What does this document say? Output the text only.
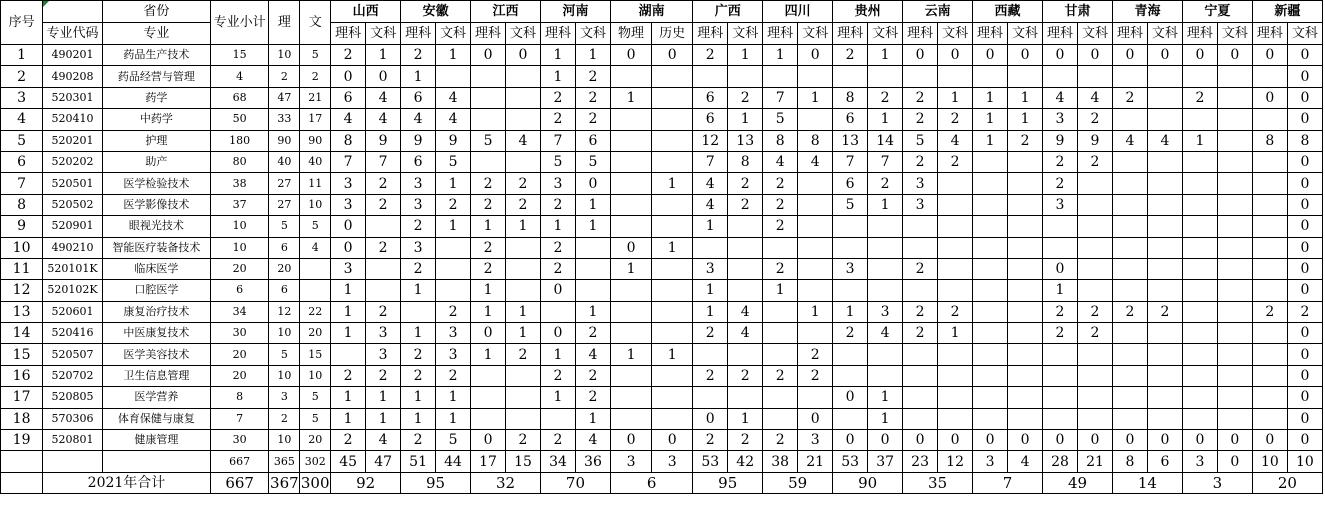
序号		省份	专业小计	理	文	山西		安徽		江西		河南		湖南		广西		四川		贵州		云南		西藏		甘肃		青海		宁夏		新疆	
	专业代码	专业				理科	文科	理科	文科	理科	文科	理科	文科	物理	历史	理科	文科	理科	文科	理科	文科	理科	文科	理科	文科	理科	文科	理科	文科	理科	文科	理科	文科
1	490201	药品生产技术	15	10	5	2	1	2	1	0	0	1	1	0	0	2	1	1	0	2	1	0	0	0	0	0	0	0	0	0	0	0	0
2	490208	药品经营与管理	4	2	2	0	0	1				1	2																				0
3	520301	药学	68	47	21	6	4	6	4			2	2	1		6	2	7	1	8	2	2	1	1	1	4	4	2		2		0	0
4	520410	中药学	50	33	17	4	4	4	4			2	2			6	1	5		6	1	2	2	1	1	3	2						0
5	520201	护理	180	90	90	8	9	9	9	5	4	7	6			12	13	8	8	13	14	5	4	1	2	9	9	4	4	1		8	8
6	520202	助产	80	40	40	7	7	6	5			5	5			7	8	4	4	7	7	2	2			2	2						0
7	520501	医学检验技术	38	27	11	3	2	3	1	2	2	3	0		1	4	2	2		6	2	3				2							0
8	520502	医学影像技术	37	27	10	3	2	3	2	2	2	2	1			4	2	2		5	1	3				3							0
9	520901	眼视光技术	10	5	5	0		2	1	1	1	1	1			1		2															0
10	490210	智能医疗装备技术	10	6	4	0	2	3		2		2		0	1																		0
11	520101K	临床医学	20	20		3		2		2		2		1		3		2		3		2				0							0
12	520102K	口腔医学	6	6		1		1		1		0				1		1								1							0
13	520601	康复治疗技术	34	12	22	1	2		2	1	1		1			1	4		1	1	3	2	2			2	2	2	2			2	2
14	520416	中医康复技术	30	10	20	1	3	1	3	0	1	0	2			2	4			2	4	2	1			2	2						0
15	520507	医学美容技术	20	5	15		3	2	3	1	2	1	4	1	1				2														0
16	520702	卫生信息管理	20	10	10	2	2	2	2			2	2			2	2	2	2														0
17	520805	医学营养	8	3	5	1	1	1	1			1	2							0	1												0
18	570306	体育保健与康复	7	2	5	1	1	1	1				1			0	1		0		1												0
19	520801	健康管理	30	10	20	2	4	2	5	0	2	2	4	0	0	2	2	2	3	0	0	0	0	0	0	0	0	0	0	0	0	0	0
			667	365	302	45	47	51	44	17	15	34	36	3	3	53	42	38	21	53	37	23	12	3	4	28	21	8	6	3	0	10	10
	2021年合计		667	367	300	92		95		32		70		6		95		59		90		35		7		49		14		3		20	
